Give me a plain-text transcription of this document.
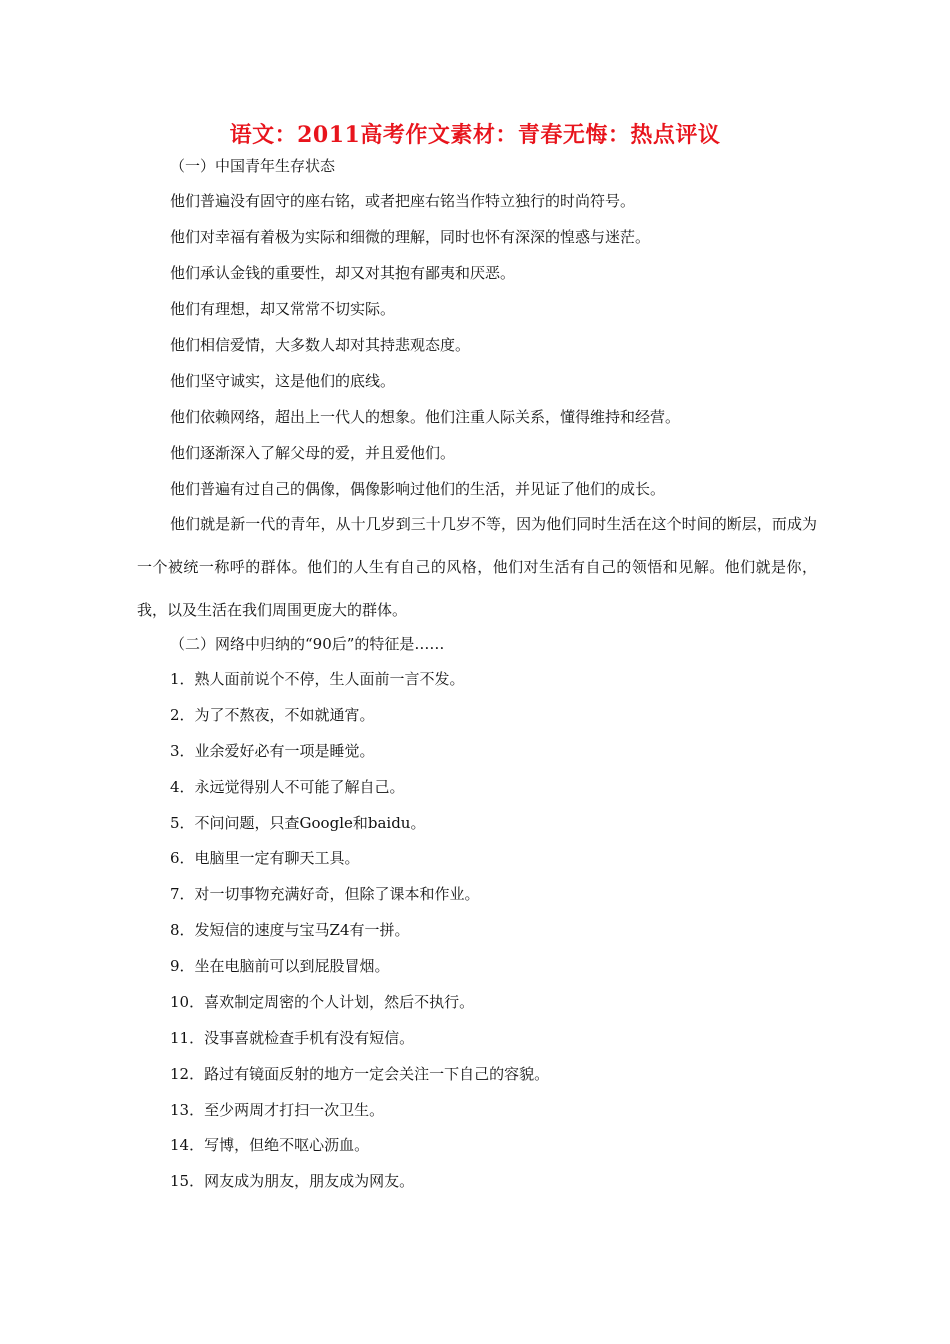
语文：2011高考作文素材：青春无悔：热点评议
（一）中国青年生存状态
他们普遍没有固守的座右铭，或者把座右铭当作特立独行的时尚符号。
他们对幸福有着极为实际和细微的理解，同时也怀有深深的惶惑与迷茫。
他们承认金钱的重要性，却又对其抱有鄙夷和厌恶。
他们有理想，却又常常不切实际。
他们相信爱情，大多数人却对其持悲观态度。
他们坚守诚实，这是他们的底线。
他们依赖网络，超出上一代人的想象。他们注重人际关系，懂得维持和经营。
他们逐渐深入了解父母的爱，并且爱他们。
他们普遍有过自己的偶像，偶像影响过他们的生活，并见证了他们的成长。
他们就是新一代的青年，从十几岁到三十几岁不等，因为他们同时生活在这个时间的断层，而成为一个被统一称呼的群体。他们的人生有自己的风格，他们对生活有自己的领悟和见解。他们就是你，我，以及生活在我们周围更庞大的群体。
（二）网络中归纳的“90后”的特征是……
1．熟人面前说个不停，生人面前一言不发。
2．为了不熬夜，不如就通宵。
3．业余爱好必有一项是睡觉。
4．永远觉得别人不可能了解自己。
5．不问问题，只查Google和baidu。
6．电脑里一定有聊天工具。
7．对一切事物充满好奇，但除了课本和作业。
8．发短信的速度与宝马Z4有一拼。
9．坐在电脑前可以到屁股冒烟。
10．喜欢制定周密的个人计划，然后不执行。
11．没事喜就检查手机有没有短信。
12．路过有镜面反射的地方一定会关注一下自己的容貌。
13．至少两周才打扫一次卫生。
14．写博，但绝不呕心沥血。
15．网友成为朋友，朋友成为网友。
